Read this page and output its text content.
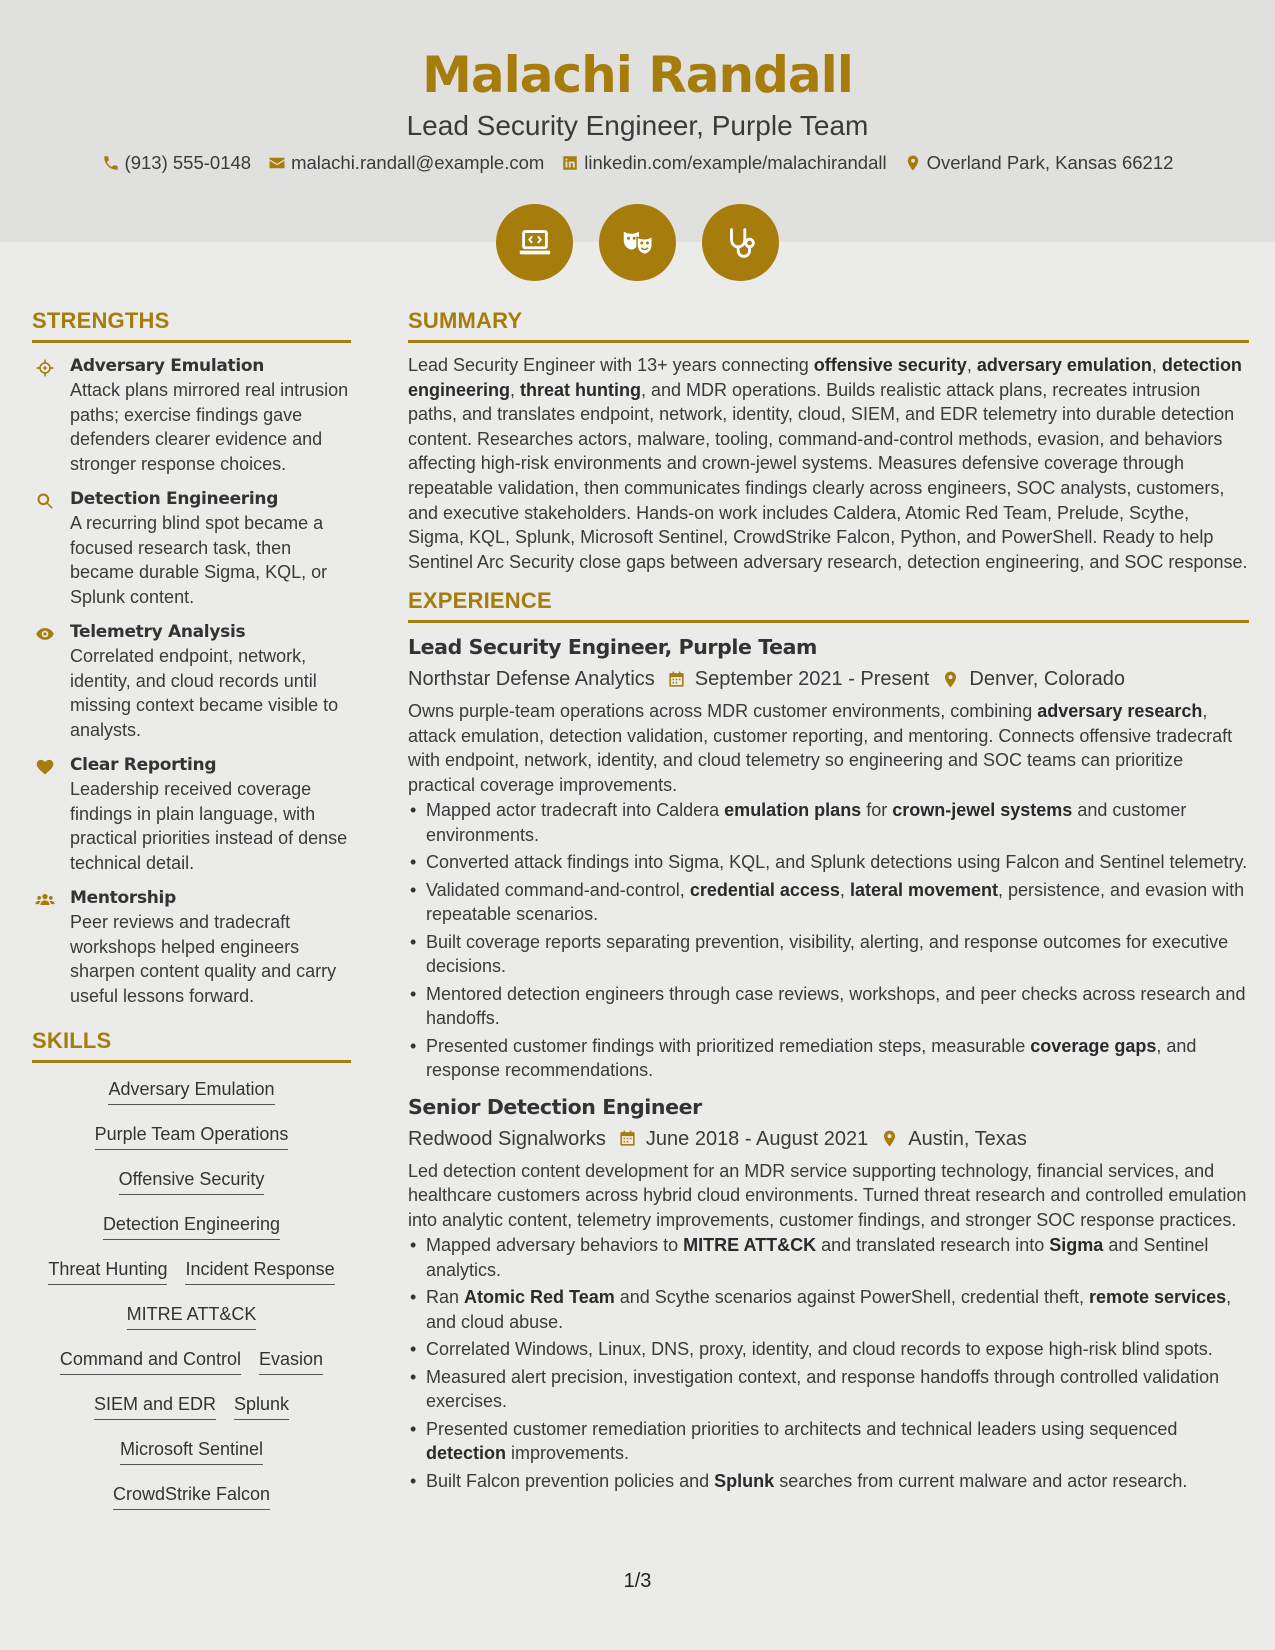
Malachi Randall
Lead Security Engineer, Purple Team
(913) 555-0148 malachi.randall@example.com linkedin.com/example/malachirandall Overland Park, Kansas 66212
STRENGTHS
Adversary Emulation
Attack plans mirrored real intrusion paths; exercise findings gave defenders clearer evidence and stronger response choices.
Detection Engineering
A recurring blind spot became a focused research task, then became durable Sigma, KQL, or Splunk content.
Telemetry Analysis
Correlated endpoint, network, identity, and cloud records until missing context became visible to analysts.
Clear Reporting
Leadership received coverage findings in plain language, with practical priorities instead of dense technical detail.
Mentorship
Peer reviews and tradecraft workshops helped engineers sharpen content quality and carry useful lessons forward.
SKILLS
Adversary Emulation
Purple Team Operations
Offensive Security
Detection Engineering
Threat Hunting Incident Response
MITRE ATT&CK
Command and Control Evasion
SIEM and EDR Splunk
Microsoft Sentinel
CrowdStrike Falcon
SUMMARY

Lead Security Engineer with 13+ years connecting offensive security, adversary emulation, detection engineering, threat hunting, and MDR operations. Builds realistic attack plans, recreates intrusion paths, and translates endpoint, network, identity, cloud, SIEM, and EDR telemetry into durable detection content. Researches actors, malware, tooling, command-and-control methods, evasion, and behaviors affecting high-risk environments and crown-jewel systems. Measures defensive coverage through repeatable validation, then communicates findings clearly across engineers, SOC analysts, customers, and executive stakeholders. Hands-on work includes Caldera, Atomic Red Team, Prelude, Scythe, Sigma, KQL, Splunk, Microsoft Sentinel, CrowdStrike Falcon, Python, and PowerShell. Ready to help Sentinel Arc Security close gaps between adversary research, detection engineering, and SOC response.

EXPERIENCE
Lead Security Engineer, Purple Team
Northstar Defense Analytics September 2021 - Present Denver, Colorado

Owns purple-team operations across MDR customer environments, combining adversary research, attack emulation, detection validation, customer reporting, and mentoring. Connects offensive tradecraft with endpoint, network, identity, and cloud telemetry so engineering and SOC teams can prioritize practical coverage improvements.

• Mapped actor tradecraft into Caldera emulation plans for crown-jewel systems and customer environments.
• Converted attack findings into Sigma, KQL, and Splunk detections using Falcon and Sentinel telemetry.
• Validated command-and-control, credential access, lateral movement, persistence, and evasion with repeatable scenarios.
• Built coverage reports separating prevention, visibility, alerting, and response outcomes for executive decisions.
• Mentored detection engineers through case reviews, workshops, and peer checks across research and handoffs.
• Presented customer findings with prioritized remediation steps, measurable coverage gaps, and response recommendations.
Senior Detection Engineer
Redwood Signalworks June 2018 - August 2021 Austin, Texas

Led detection content development for an MDR service supporting technology, financial services, and healthcare customers across hybrid cloud environments. Turned threat research and controlled emulation into analytic content, telemetry improvements, customer findings, and stronger SOC response practices.

• Mapped adversary behaviors to MITRE ATT&CK and translated research into Sigma and Sentinel analytics.
• Ran Atomic Red Team and Scythe scenarios against PowerShell, credential theft, remote services, and cloud abuse.
• Correlated Windows, Linux, DNS, proxy, identity, and cloud records to expose high-risk blind spots.
• Measured alert precision, investigation context, and response handoffs through controlled validation exercises.
• Presented customer remediation priorities to architects and technical leaders using sequenced detection improvements.
• Built Falcon prevention policies and Splunk searches from current malware and actor research.
1/3
